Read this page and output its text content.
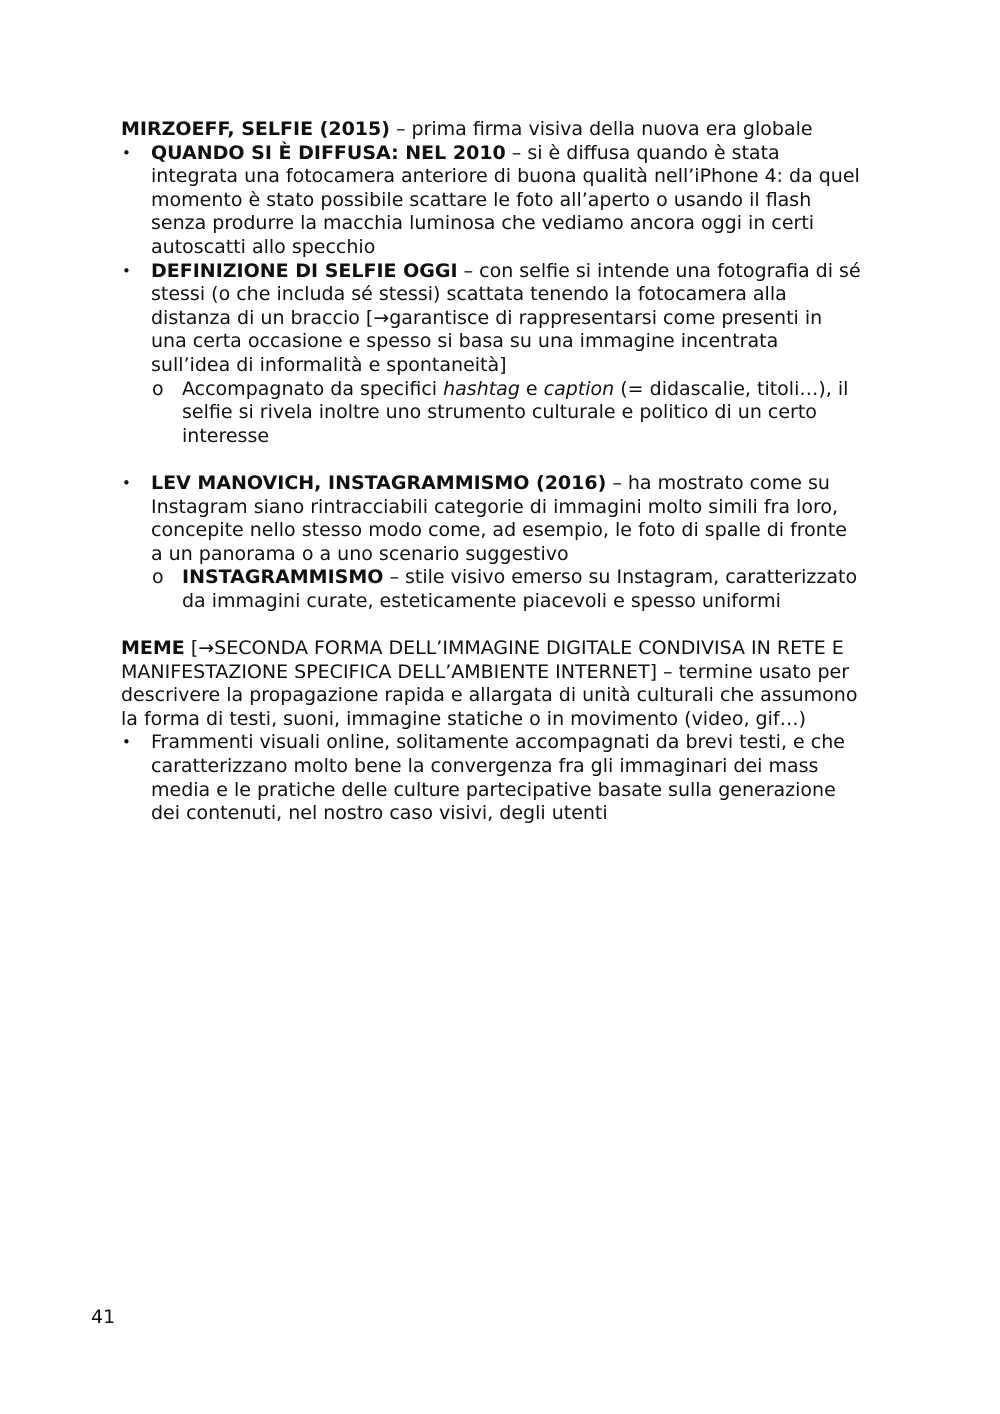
MIRZOEFF, SELFIE (2015) – prima firma visiva della nuova era globale

•	QUANDO SI È DIFFUSA: NEL 2010 – si è diffusa quando è stata

integrata una fotocamera anteriore di buona qualità nell’iPhone 4: da quel

momento è stato possibile scattare le foto all’aperto o usando il flash

senza produrre la macchia luminosa che vediamo ancora oggi in certi

autoscatti allo specchio

•	DEFINIZIONE DI SELFIE OGGI – con selfie si intende una fotografia di sé

stessi (o che includa sé stessi) scattata tenendo la fotocamera alla

distanza di un braccio [→garantisce di rappresentarsi come presenti in

una certa occasione e spesso si basa su una immagine incentrata

sull’idea di informalità e spontaneità]

o Accompagnato da specifici hashtag e caption (= didascalie, titoli…), il

selfie si rivela inoltre uno strumento culturale e politico di un certo

interesse

•	LEV MANOVICH, INSTAGRAMMISMO (2016) – ha mostrato come su

Instagram siano rintracciabili categorie di immagini molto simili fra loro,

concepite nello stesso modo come, ad esempio, le foto di spalle di fronte

a un panorama o a uno scenario suggestivo

o INSTAGRAMMISMO – stile visivo emerso su Instagram, caratterizzato

da immagini curate, esteticamente piacevoli e spesso uniformi

MEME [→SECONDA FORMA DELL’IMMAGINE DIGITALE CONDIVISA IN RETE E

MANIFESTAZIONE SPECIFICA DELL’AMBIENTE INTERNET] – termine usato per

descrivere la propagazione rapida e allargata di unità culturali che assumono

la forma di testi, suoni, immagine statiche o in movimento (video, gif…)

•	Frammenti visuali online, solitamente accompagnati da brevi testi, e che

caratterizzano molto bene la convergenza fra gli immaginari dei mass

media e le pratiche delle culture partecipative basate sulla generazione

dei contenuti, nel nostro caso visivi, degli utenti

41
